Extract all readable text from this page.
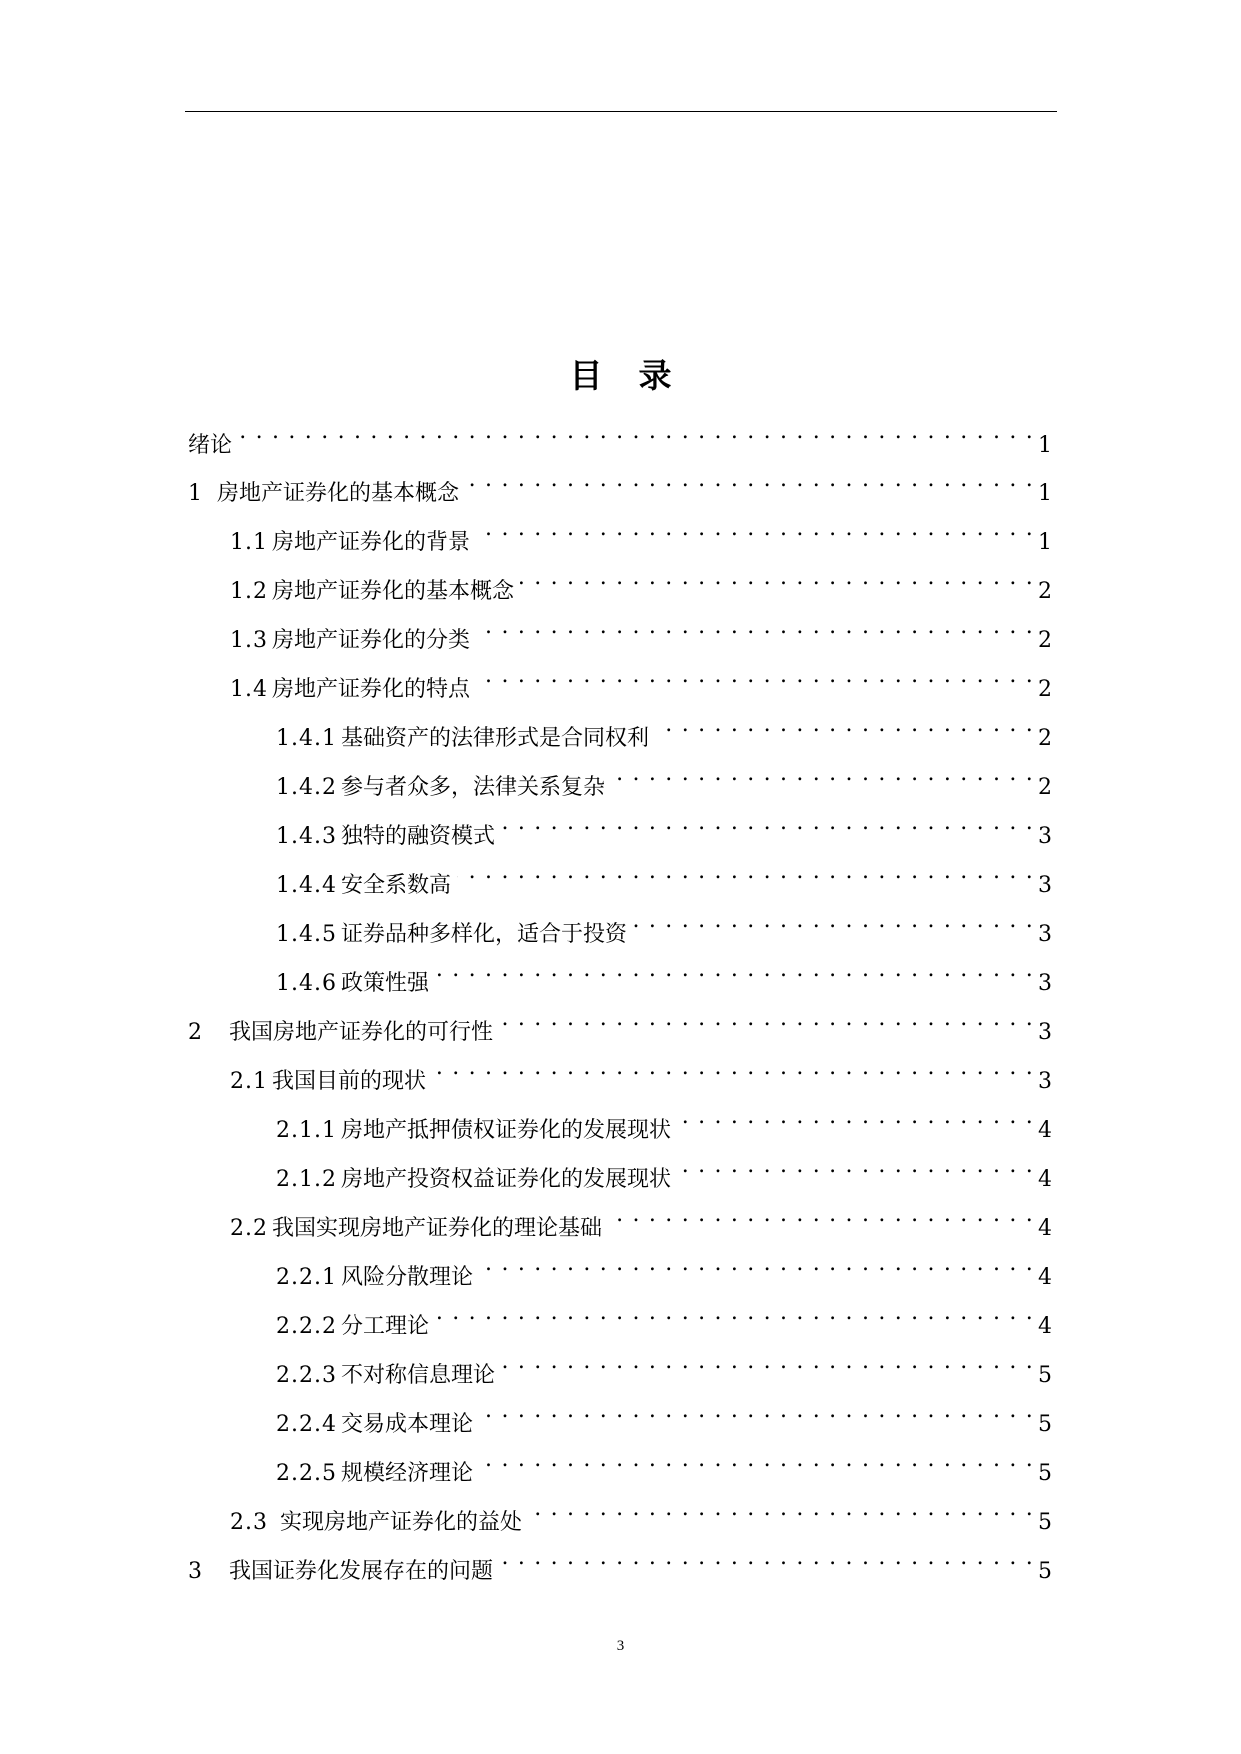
目 录
绪论 . . .	1
1 房地产证券化的基本概念 . . .	1
1.1 房地产证券化的背景 . . .	1
1.2 房地产证券化的基本概念 . . .	2
1.3 房地产证券化的分类 . . .	2
1.4 房地产证券化的特点 . . .	2
1.4.1 基础资产的法律形式是合同权利 . . .	2
1.4.2 参与者众多，法律关系复杂 . . .	2
1.4.3 独特的融资模式 . . .	3
1.4.4 安全系数高 . . .	3
1.4.5 证券品种多样化，适合于投资 . . .	3
1.4.6 政策性强 . . .	3
2 我国房地产证券化的可行性 . . .	3
2.1 我国目前的现状 . . .	3
2.1.1 房地产抵押债权证券化的发展现状 . . .	4
2.1.2 房地产投资权益证券化的发展现状 . . .	4
2.2 我国实现房地产证券化的理论基础 . . .	4
2.2.1 风险分散理论 . . .	4
2.2.2 分工理论 . . .	4
2.2.3 不对称信息理论 . . .	5
2.2.4 交易成本理论 . . .	5
2.2.5 规模经济理论 . . .	5
2.3 实现房地产证券化的益处 . . .	5
3 我国证券化发展存在的问题 . . .	5
3
